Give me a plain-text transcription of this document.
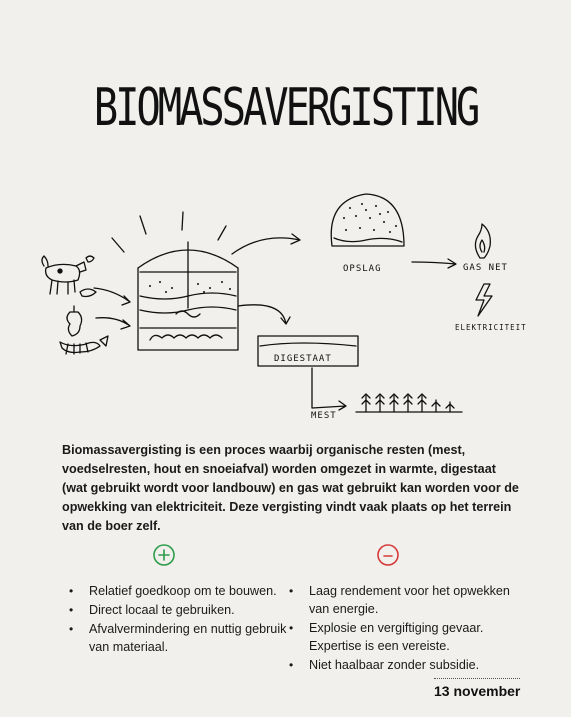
BIOMASSAVERGISTING
OPSLAG	GAS NET
ELEKTRICITEIT
DIGESTAAT
MEST

Biomassavergisting is een proces waarbij organische resten (mest, voedselresten, hout en snoeiafval) worden omgezet in warmte, digestaat (wat gebruikt wordt voor landbouw) en gas wat gebruikt kan worden voor de opwekking van elektriciteit. Deze vergisting vindt vaak plaats op het terrein van de boer zelf.

• Relatief goedkoop om te bouwen.
• Direct locaal te gebruiken.
• Afvalvermindering en nuttig gebruik van materiaal.
• Laag rendement voor het opwekken van energie.
• Explosie en vergiftiging gevaar. Expertise is een vereiste.
• Niet haalbaar zonder subsidie.
13 november
